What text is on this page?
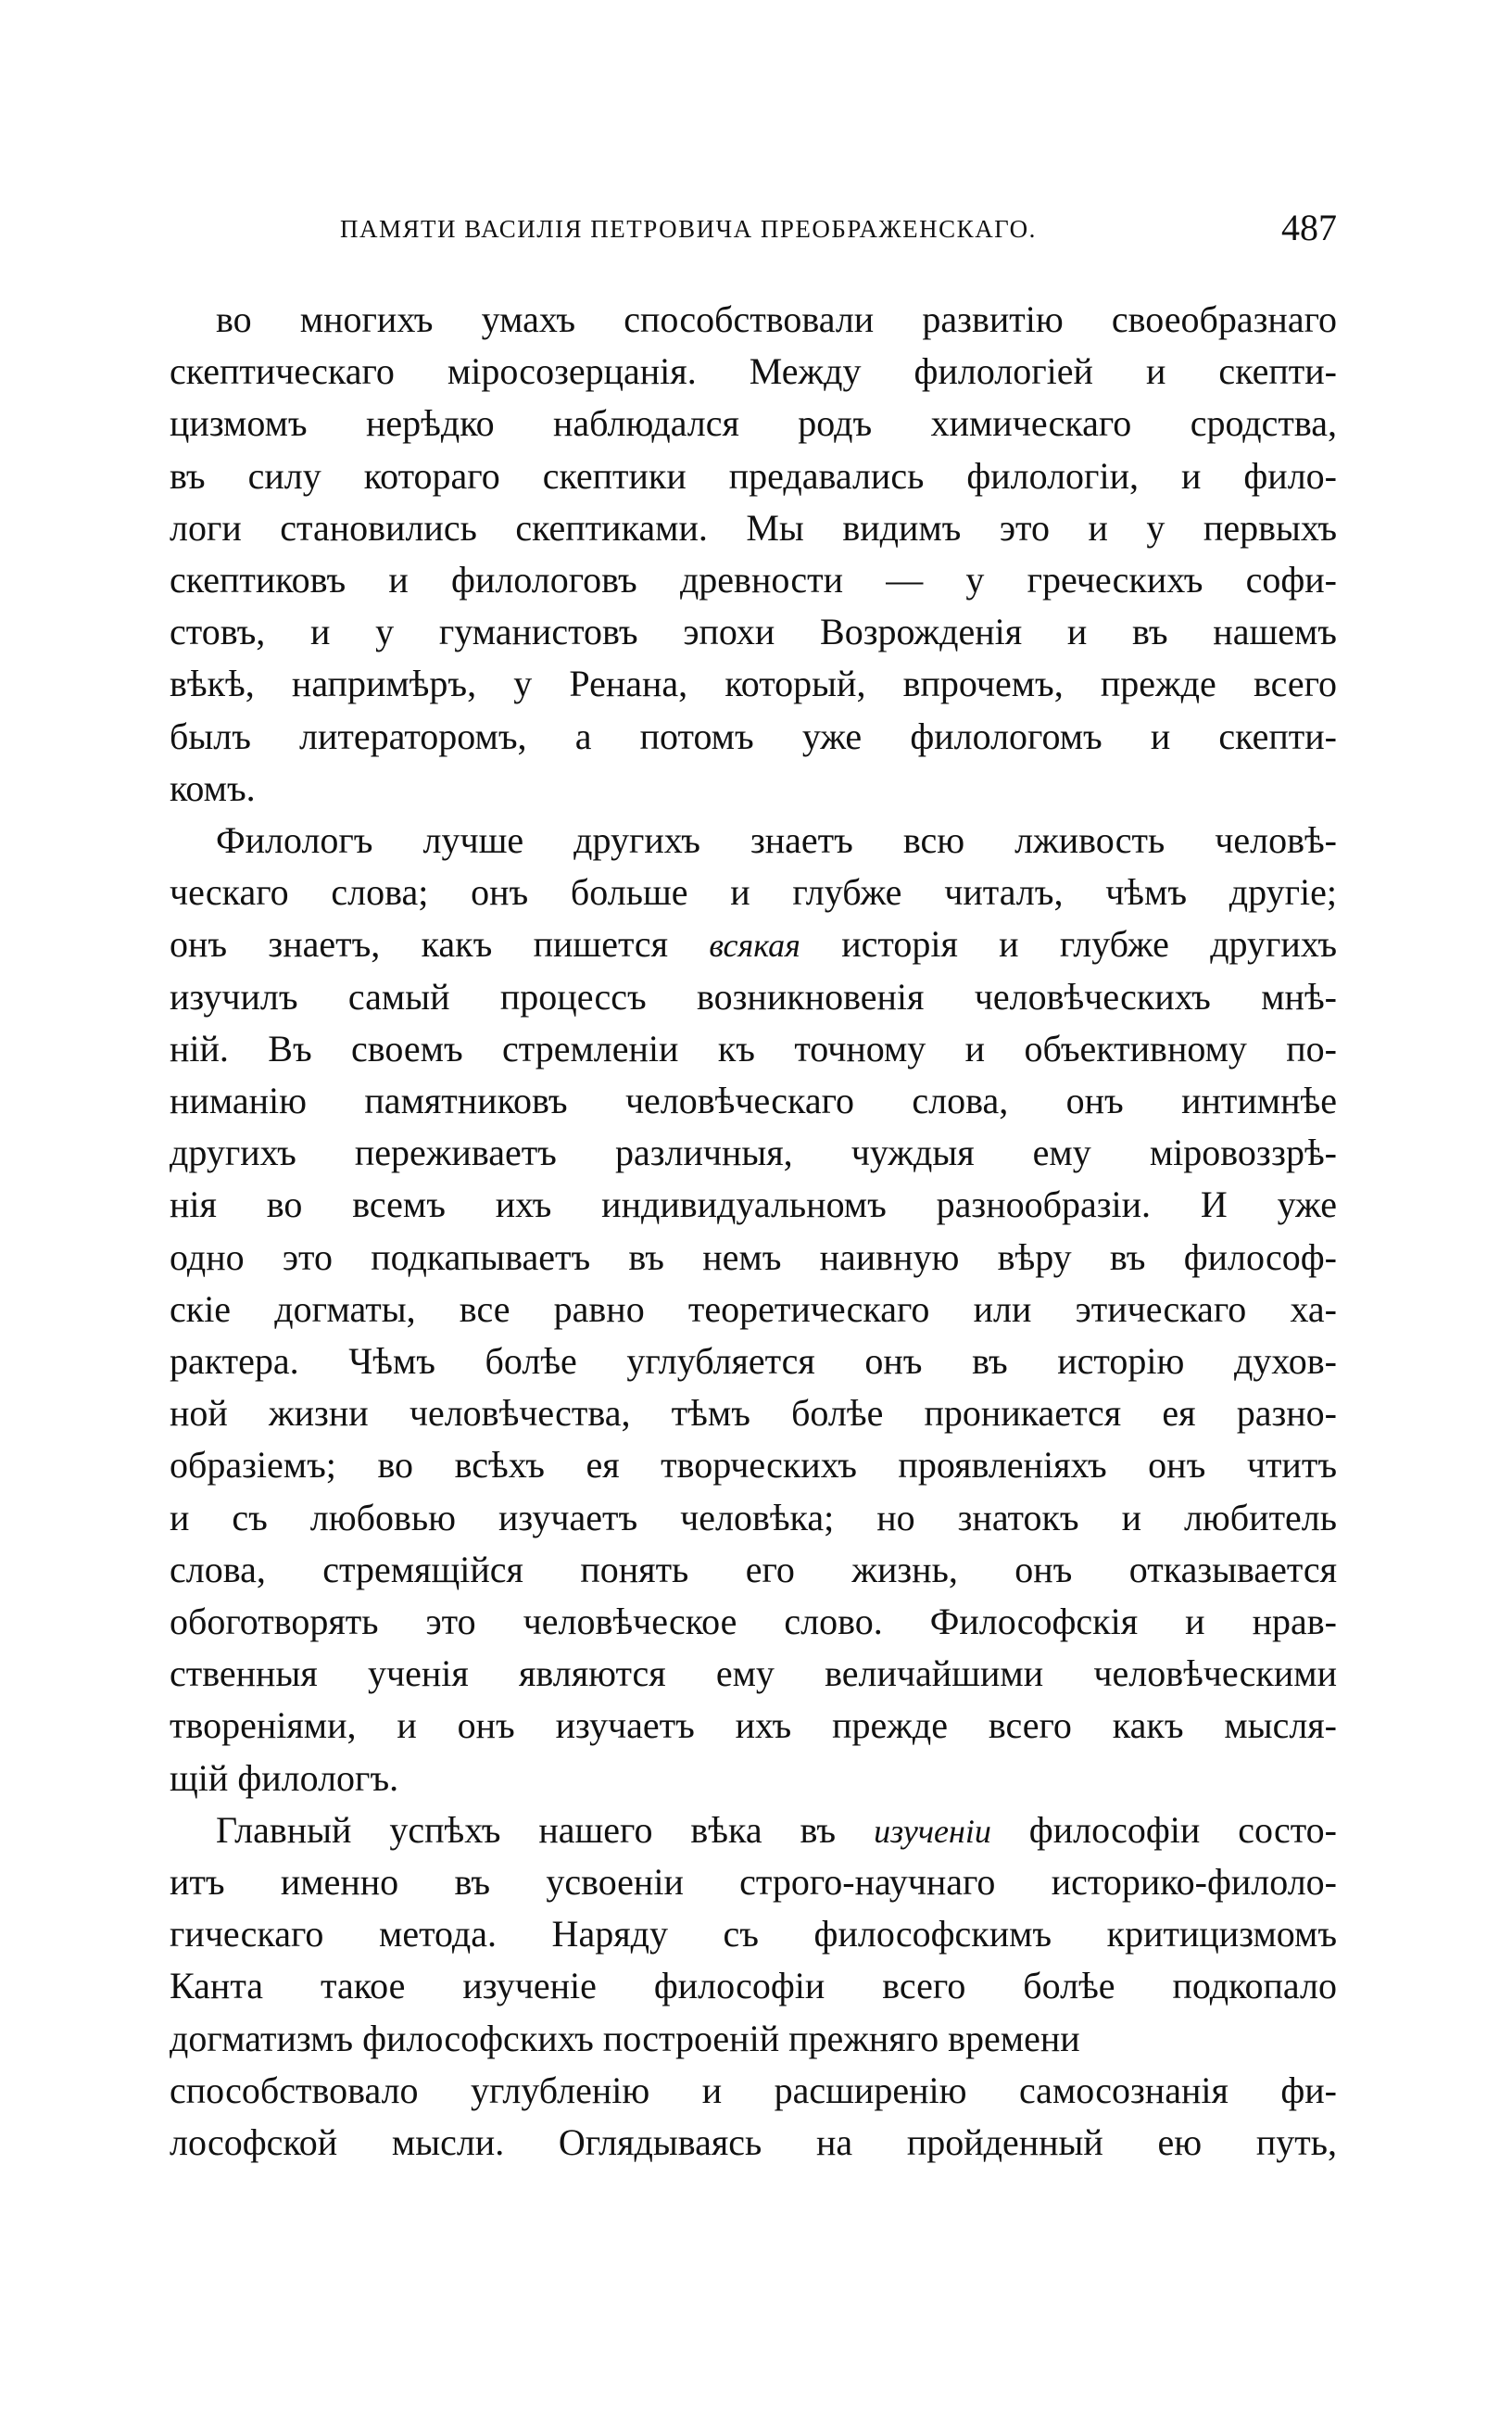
ПАМЯТИ ВАСИЛІЯ ПЕТРОВИЧА ПРЕОБРАЖЕНСКАГО.	487
во многихъ умахъ способствовали развитію своеобразнаго
скептическаго міросозерцанія. Между филологіей и скепти-
цизмомъ нерѣдко наблюдался родъ химическаго сродства,
въ силу котораго скептики предавались филологіи, и фило-
логи становились скептиками. Мы видимъ это и у первыхъ
скептиковъ и филологовъ древности — у греческихъ софи-
стовъ, и у гуманистовъ эпохи Возрожденія и въ нашемъ
вѣкѣ, напримѣръ, у Ренана, который, впрочемъ, прежде всего
былъ литераторомъ, а потомъ уже филологомъ и скепти-
комъ.
Филологъ лучше другихъ знаетъ всю лживость человѣ-
ческаго слова; онъ больше и глубже читалъ, чѣмъ другіе;
онъ знаетъ, какъ пишется всякая исторія и глубже другихъ
изучилъ самый процессъ возникновенія человѣческихъ мнѣ-
ній. Въ своемъ стремленіи къ точному и объективному по-
ниманію памятниковъ человѣческаго слова, онъ интимнѣе
другихъ переживаетъ различныя, чуждыя ему міровоззрѣ-
нія во всемъ ихъ индивидуальномъ разнообразіи. И уже
одно это подкапываетъ въ немъ наивную вѣру въ философ-
скіе догматы, все равно теоретическаго или этическаго ха-
рактера. Чѣмъ болѣе углубляется онъ въ исторію духов-
ной жизни человѣчества, тѣмъ болѣе проникается ея разно-
образіемъ; во всѣхъ ея творческихъ проявленіяхъ онъ чтитъ
и съ любовью изучаетъ человѣка; но знатокъ и любитель
слова, стремящійся понять его жизнь, онъ отказывается
обоготворять это человѣческое слово. Философскія и нрав-
ственныя ученія являются ему величайшими человѣческими
твореніями, и онъ изучаетъ ихъ прежде всего какъ мысля-
щій филологъ.
Главный успѣхъ нашего вѣка въ изученіи философіи состо-
итъ именно въ усвоеніи строго-научнаго историко-филоло-
гическаго метода. Наряду съ философскимъ критицизмомъ
Канта такое изученіе философіи всего болѣе подкопало
догматизмъ философскихъ построеній прежняго времени
способствовало углубленію и расширенію самосознанія фи-
лософской мысли. Оглядываясь на пройденный ею путь,
